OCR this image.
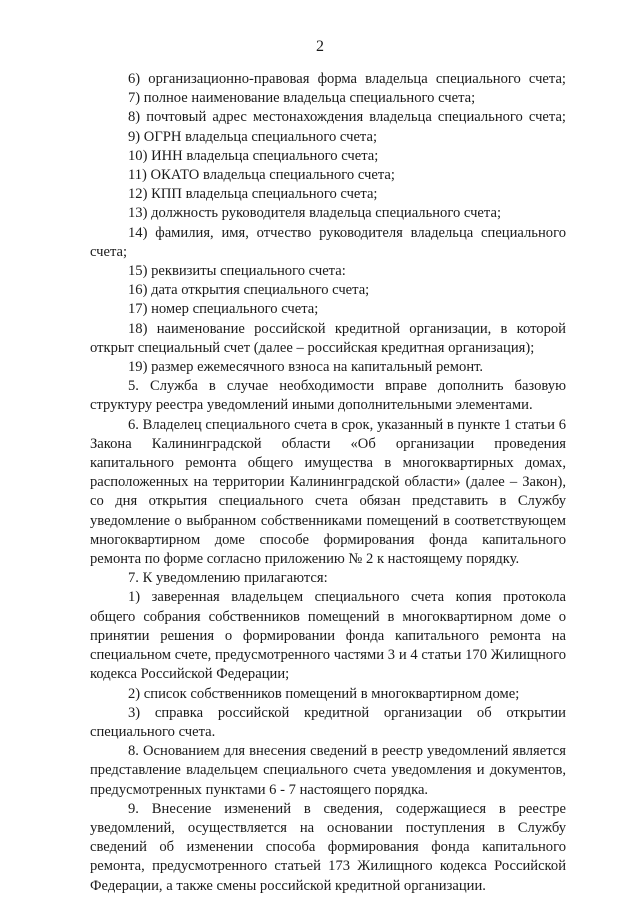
2

6) организационно-правовая форма владельца специального счета;

7) полное наименование владельца специального счета;

8) почтовый адрес местонахождения владельца специального счета;

9) ОГРН владельца специального счета;

10) ИНН владельца специального счета;

11) ОКАТО владельца специального счета;

12) КПП владельца специального счета;

13) должность руководителя владельца специального счета;

14) фамилия, имя, отчество руководителя владельца специального счета;

15) реквизиты специального счета:

16) дата открытия специального счета;

17) номер специального счета;

18) наименование российской кредитной организации, в которой открыт специальный счет (далее – российская кредитная организация);

19) размер ежемесячного взноса на капитальный ремонт.

5. Служба в случае необходимости вправе дополнить базовую структуру реестра уведомлений иными дополнительными элементами.

6. Владелец специального счета в срок, указанный в пункте 1 статьи 6 Закона Калининградской области «Об организации проведения капитального ремонта общего имущества в многоквартирных домах, расположенных на территории Калининградской области» (далее – Закон), со дня открытия специального счета обязан представить в Службу уведомление о выбранном собственниками помещений в соответствующем многоквартирном доме способе формирования фонда капитального ремонта по форме согласно приложению № 2 к настоящему порядку.

7. К уведомлению прилагаются:

1) заверенная владельцем специального счета копия протокола общего собрания собственников помещений в многоквартирном доме о принятии решения о формировании фонда капитального ремонта на специальном счете, предусмотренного частями 3 и 4 статьи 170 Жилищного кодекса Российской Федерации;

2) список собственников помещений в многоквартирном доме;

3) справка российской кредитной организации об открытии специального счета.

8. Основанием для внесения сведений в реестр уведомлений является представление владельцем специального счета уведомления и документов, предусмотренных пунктами 6 - 7 настоящего порядка.

9. Внесение изменений в сведения, содержащиеся в реестре уведомлений, осуществляется на основании поступления в Службу сведений об изменении способа формирования фонда капитального ремонта, предусмотренного статьей 173 Жилищного кодекса Российской Федерации, а также смены российской кредитной организации.
